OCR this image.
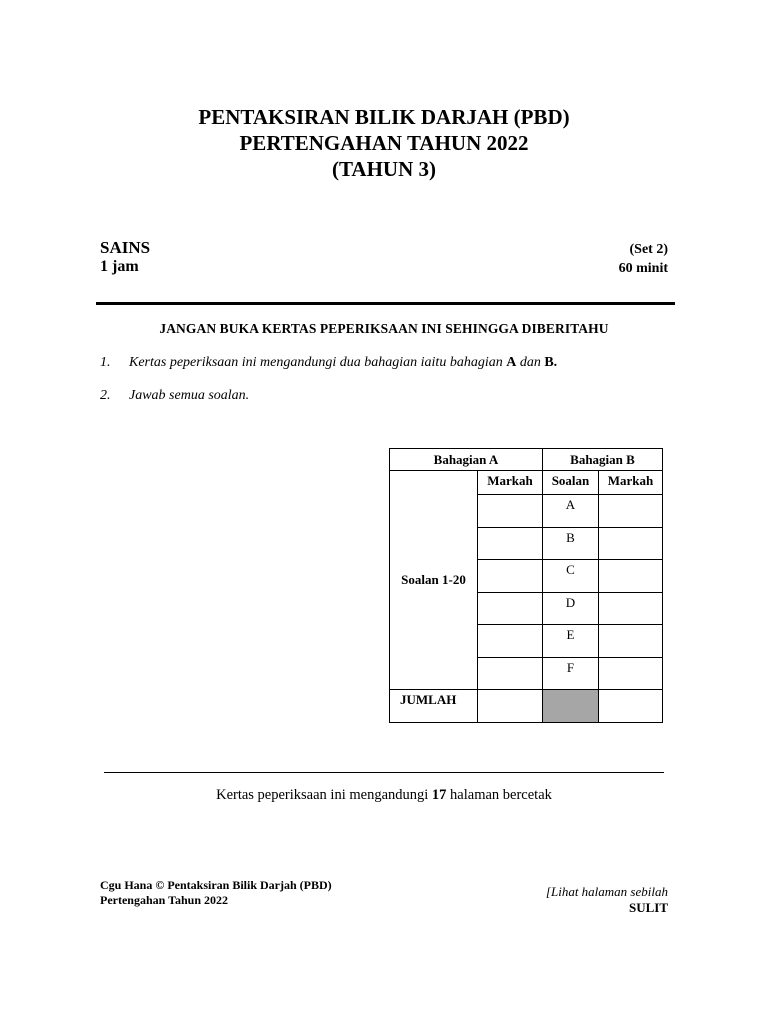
PENTAKSIRAN BILIK DARJAH (PBD)
PERTENGAHAN TAHUN 2022
(TAHUN 3)
SAINS
1 jam
(Set 2)
60 minit
JANGAN BUKA KERTAS PEPERIKSAAN INI SEHINGGA DIBERITAHU
1. Kertas peperiksaan ini mengandungi dua bahagian iaitu bahagian A dan B.
2. Jawab semua soalan.
Bahagian A		Bahagian B	
Soalan 1-20	Markah	Soalan	Markah
		A	
		B	
		C	
		D	
		E	
		F	
JUMLAH			
Kertas peperiksaan ini mengandungi 17 halaman bercetak
Cgu Hana © Pentaksiran Bilik Darjah (PBD)
Pertengahan Tahun 2022
[Lihat halaman sebilah
SULIT
